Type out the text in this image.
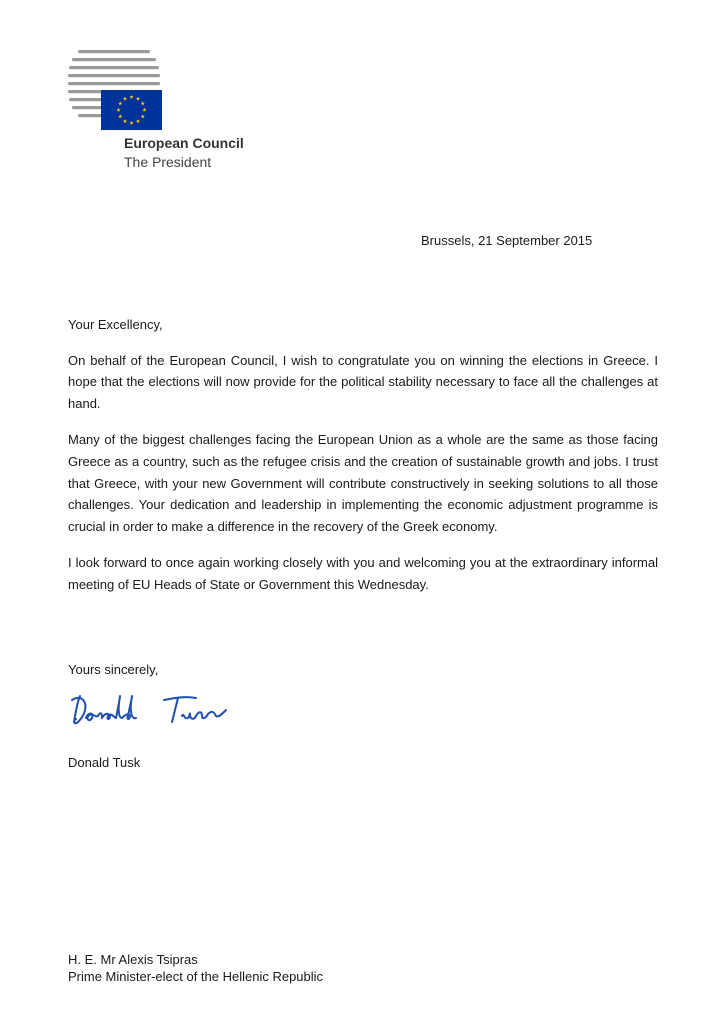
European Council
The President
Brussels, 21 September 2015

Your Excellency,

On behalf of the European Council, I wish to congratulate you on winning the elections in Greece. I hope that the elections will now provide for the political stability necessary to face all the challenges at hand.

Many of the biggest challenges facing the European Union as a whole are the same as those facing Greece as a country, such as the refugee crisis and the creation of sustainable growth and jobs. I trust that Greece, with your new Government will contribute constructively in seeking solutions to all those challenges. Your dedication and leadership in implementing the economic adjustment programme is crucial in order to make a difference in the recovery of the Greek economy.

I look forward to once again working closely with you and welcoming you at the extraordinary informal meeting of EU Heads of State or Government this Wednesday.

Yours sincerely,
Donald Tusk
H. E. Mr Alexis Tsipras
Prime Minister-elect of the Hellenic Republic
